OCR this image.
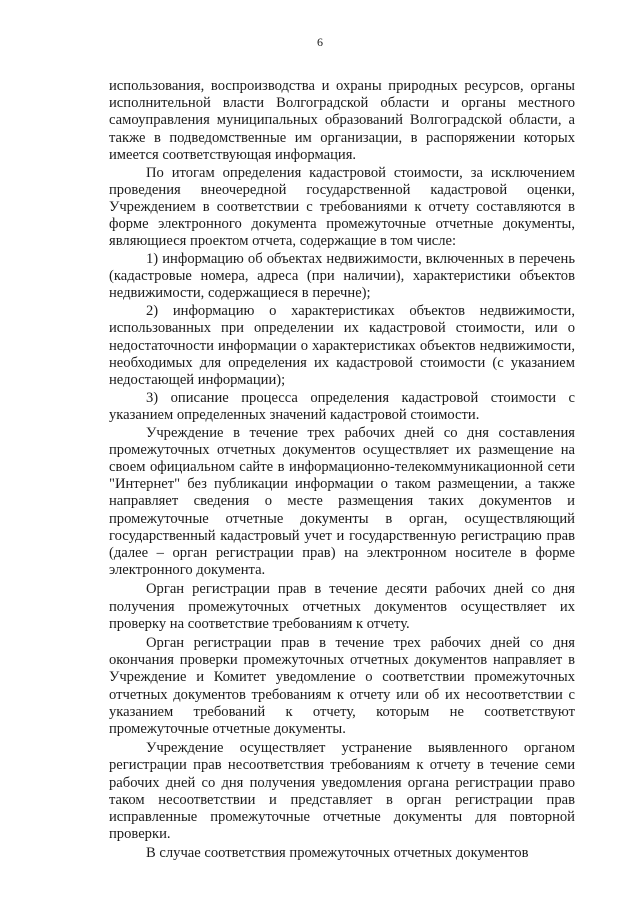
6

использования, воспроизводства и охраны природных ресурсов, органы исполнительной власти Волгоградской области и органы местного самоуправления муниципальных образований Волгоградской области, а также в подведомственные им организации, в распоряжении которых имеется соответствующая информация.

По итогам определения кадастровой стоимости, за исключением проведения внеочередной государственной кадастровой оценки, Учреждением в соответствии с требованиями к отчету составляются в форме электронного документа промежуточные отчетные документы, являющиеся проектом отчета, содержащие в том числе:

1) информацию об объектах недвижимости, включенных в перечень (кадастровые номера, адреса (при наличии), характеристики объектов недвижимости, содержащиеся в перечне);

2) информацию о характеристиках объектов недвижимости, использованных при определении их кадастровой стоимости, или о недостаточности информации о характеристиках объектов недвижимости, необходимых для определения их кадастровой стоимости (с указанием недостающей информации);

3) описание процесса определения кадастровой стоимости с указанием определенных значений кадастровой стоимости.

Учреждение в течение трех рабочих дней со дня составления промежуточных отчетных документов осуществляет их размещение на своем официальном сайте в информационно-телекоммуникационной сети "Интернет" без публикации информации о таком размещении, а также направляет сведения о месте размещения таких документов и промежуточные отчетные документы в орган, осуществляющий государственный кадастровый учет и государственную регистрацию прав (далее – орган регистрации прав) на электронном носителе в форме электронного документа.

Орган регистрации прав в течение десяти рабочих дней со дня получения промежуточных отчетных документов осуществляет их проверку на соответствие требованиям к отчету.

Орган регистрации прав в течение трех рабочих дней со дня окончания проверки промежуточных отчетных документов направляет в Учреждение и Комитет уведомление о соответствии промежуточных отчетных документов требованиям к отчету или об их несоответствии с указанием требований к отчету, которым не соответствуют промежуточные отчетные документы.

Учреждение осуществляет устранение выявленного органом регистрации прав несоответствия требованиям к отчету в течение семи рабочих дней со дня получения уведомления органа регистрации право таком несоответствии и представляет в орган регистрации прав исправленные промежуточные отчетные документы для повторной проверки.

В случае соответствия промежуточных отчетных документов
